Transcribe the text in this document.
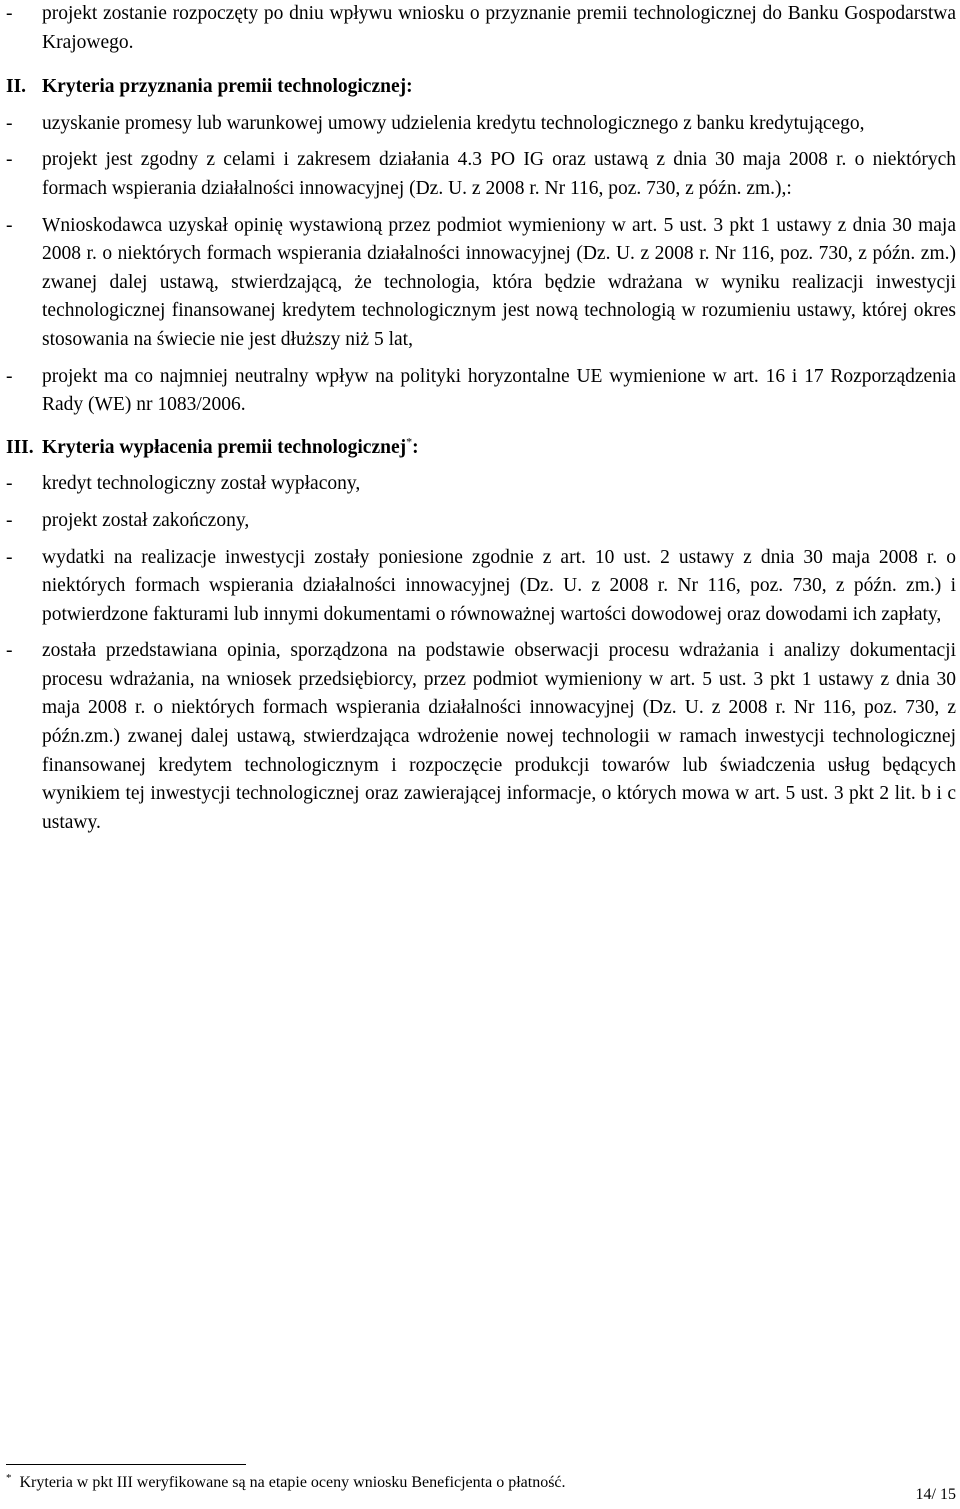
- projekt zostanie rozpoczęty po dniu wpływu wniosku o przyznanie premii technologicznej do Banku Gospodarstwa Krajowego.
II. Kryteria przyznania premii technologicznej:
- uzyskanie promesy lub warunkowej umowy udzielenia kredytu technologicznego z banku kredytującego,
- projekt jest zgodny z celami i zakresem działania 4.3 PO IG oraz ustawą z dnia 30 maja 2008 r. o niektórych formach wspierania działalności innowacyjnej (Dz. U. z 2008 r. Nr 116, poz. 730, z późn. zm.),:
- Wnioskodawca uzyskał opinię wystawioną przez podmiot wymieniony w art. 5 ust. 3 pkt 1 ustawy z dnia 30 maja 2008 r. o niektórych formach wspierania działalności innowacyjnej (Dz. U. z 2008 r. Nr 116, poz. 730, z późn. zm.) zwanej dalej ustawą, stwierdzającą, że technologia, która będzie wdrażana w wyniku realizacji inwestycji technologicznej finansowanej kredytem technologicznym jest nową technologią w rozumieniu ustawy, której okres stosowania na świecie nie jest dłuższy niż 5 lat,
- projekt ma co najmniej neutralny wpływ na polityki horyzontalne UE wymienione w art. 16 i 17 Rozporządzenia Rady (WE) nr 1083/2006.
III. Kryteria wypłacenia premii technologicznej*:
- kredyt technologiczny został wypłacony,
- projekt został zakończony,
- wydatki na realizacje inwestycji zostały poniesione zgodnie z art. 10 ust. 2 ustawy z dnia 30 maja 2008 r. o niektórych formach wspierania działalności innowacyjnej (Dz. U. z 2008 r. Nr 116, poz. 730, z późn. zm.) i potwierdzone fakturami lub innymi dokumentami o równoważnej wartości dowodowej oraz dowodami ich zapłaty,
- została przedstawiana opinia, sporządzona na podstawie obserwacji procesu wdrażania i analizy dokumentacji procesu wdrażania, na wniosek przedsiębiorcy, przez podmiot wymieniony w art. 5 ust. 3 pkt 1 ustawy z dnia 30 maja 2008 r. o niektórych formach wspierania działalności innowacyjnej (Dz. U. z 2008 r. Nr 116, poz. 730, z późn.zm.) zwanej dalej ustawą, stwierdzająca wdrożenie nowej technologii w ramach inwestycji technologicznej finansowanej kredytem technologicznym i rozpoczęcie produkcji towarów lub świadczenia usług będących wynikiem tej inwestycji technologicznej oraz zawierającej informacje, o których mowa w art. 5 ust. 3 pkt 2 lit. b i c ustawy.
* Kryteria w pkt III weryfikowane są na etapie oceny wniosku Beneficjenta o płatność.
14/ 15
